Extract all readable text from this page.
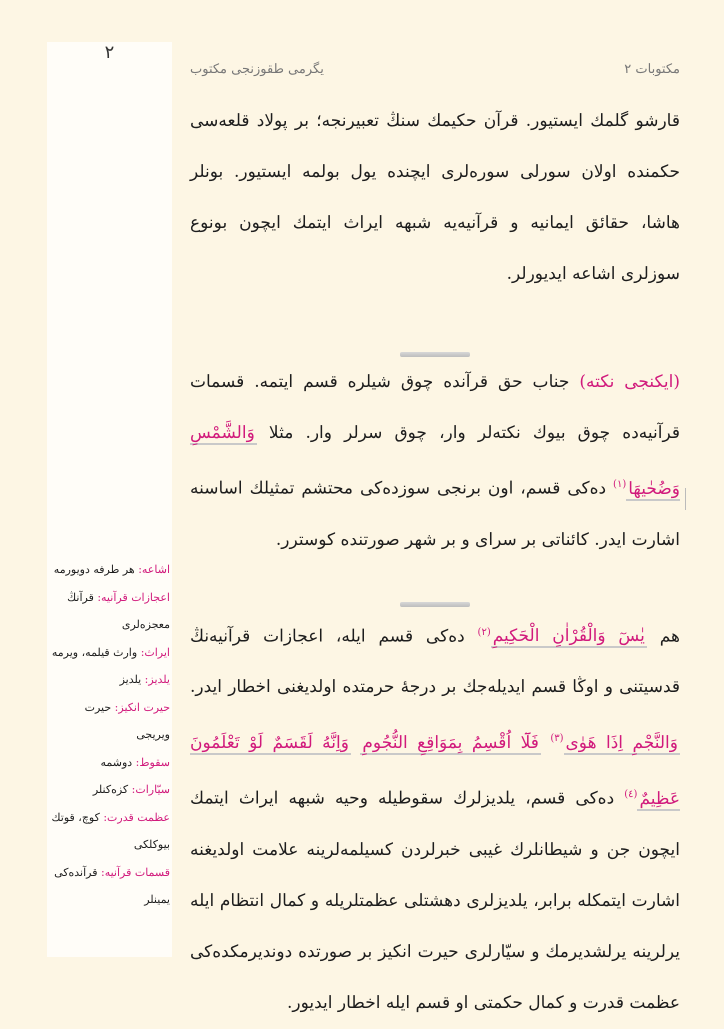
٢
مكتوبات ٢
يگرمى طقوزنجى مكتوب

قارشو گلمك ايستيور. قرآن حكيمك سنڭ تعبيرنجه؛ بر پولاد قلعه‌سى حكمنده اولان سورلى سوره‌لرى ايچنده يول بولمه ايستيور. بونلر هاشا، حقائق ايمانيه و قرآنيه‌يه شبهه ايراث ايتمك ايچون بونوع سوزلرى اشاعه ايديورلر.

(ايكنجى نكته) جناب حق قرآنده چوق شيلره قسم ايتمه. قسمات قرآنيه‌ده چوق بيوك نكته‌لر وار، چوق سرلر وار. مثلا وَالشَّمْسِ وَضُحٰيهَا$^{(١)}$ ده‌كى قسم، اون برنجى سوزده‌كى محتشم تمثيلك اساسنه اشارت ايدر. كائناتى بر سراى و بر شهر صورتنده كوسترر.

هم يٰسٓ وَالْقُرْاٰنِ الْحَكِيمِ$^{(٢)}$ ده‌كى قسم ايله، اعجازات قرآنيه‌نڭ قدسيتنى و اوڭا قسم ايديله‌جك بر درجه‌ٔ حرمتده اولديغنى اخطار ايدر. وَالنَّجْمِ اِذَا هَوٰى$^{(٣)}$ فَلَٓا اُقْسِمُ بِمَوَاقِعِ النُّجُومِ وَاِنَّهُ لَقَسَمٌ لَوْ تَعْلَمُونَ عَظِيمٌ$^{(٤)}$ ده‌كى قسم، يلديزلرك سقوطيله وحيه شبهه ايراث ايتمك ايچون جن و شيطانلرك غيبى خبرلردن كسيلمه‌لرينه علامت اولديغنه اشارت ايتمكله برابر، يلديزلرى دهشتلى عظمتلريله و كمال انتظام ايله يرلرينه يرلشديرمك و سيّارلرى حيرت انكيز بر صورتده دونديرمكده‌كى عظمت قدرت و كمال حكمتى او قسم ايله اخطار ايديور.

اشاعه: هر طرفه دويورمه

اعجازات قرآنيه: قرآنڭ معجزه‌لرى

ايراث: وارث قيلمه، ويرمه

يلديز: يلديز

حيرت انكيز: حيرت ويريجى

سقوط: دوشمه

سيّارات: كزه‌كنلر

عظمت قدرت: كوچ، قوتك بيوكلكى

قسمات قرآنيه: قرآنده‌كى يمينلر
